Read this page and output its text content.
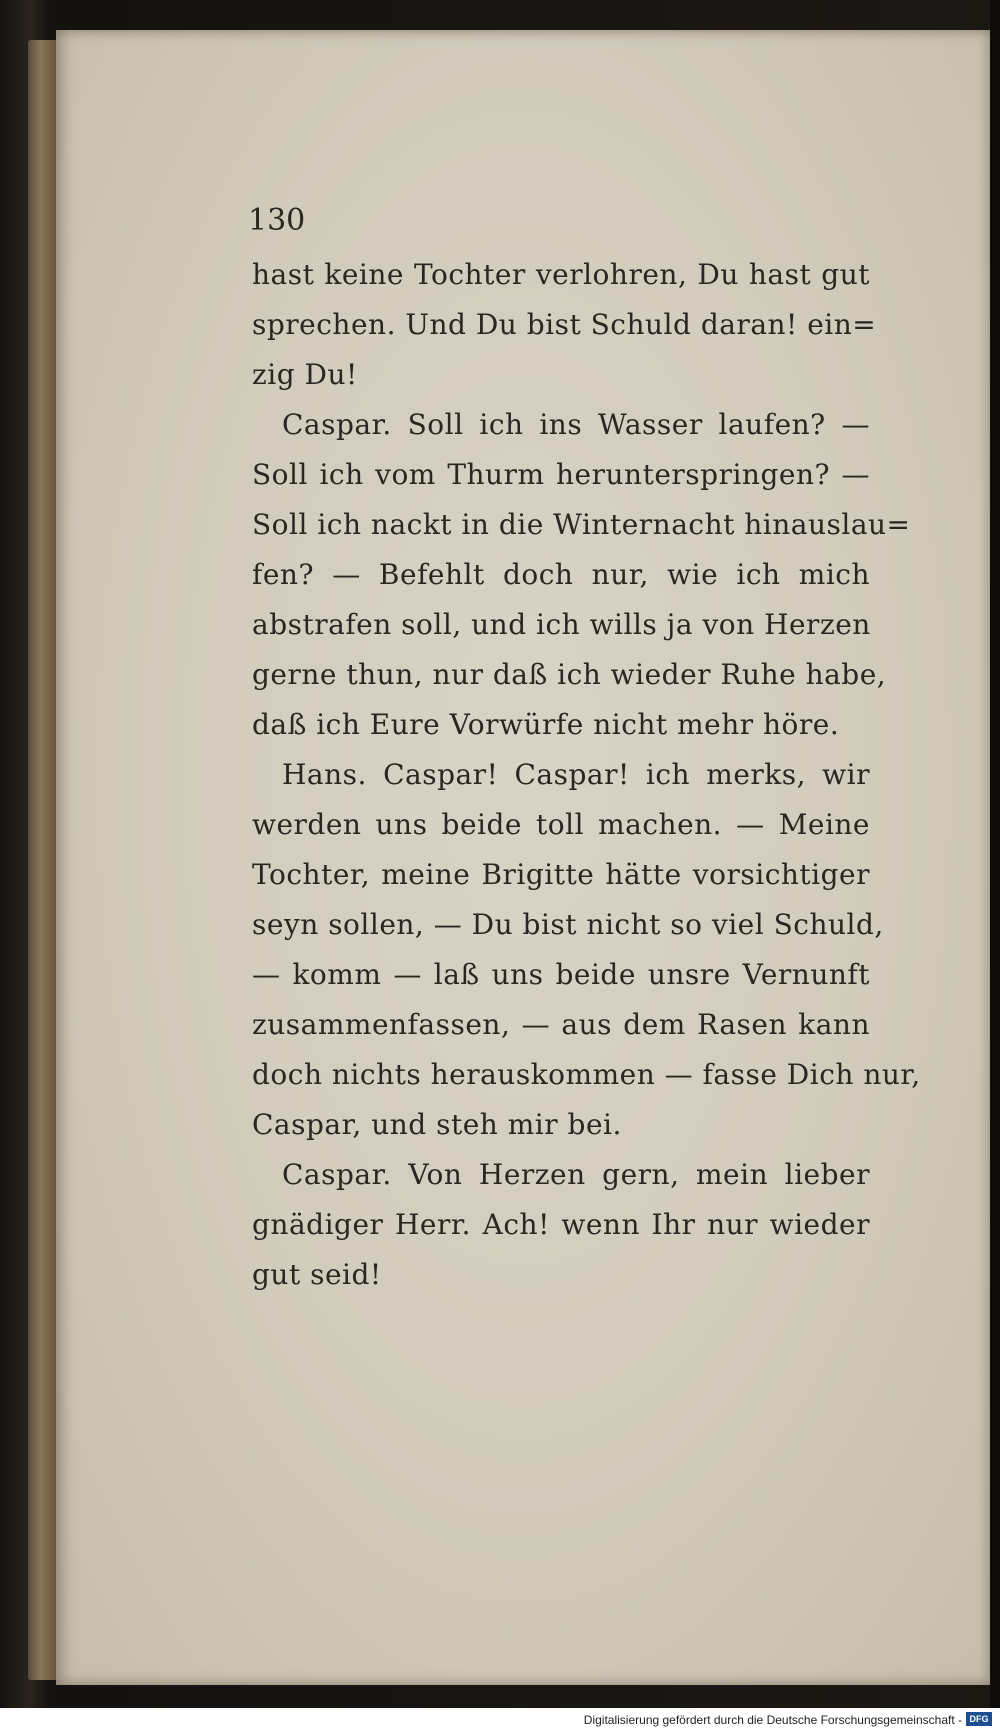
130
hast keine Tochter verlohren, Du hast gut
sprechen. Und Du bist Schuld daran! ein=
zig Du!
Caspar. Soll ich ins Wasser laufen? —
Soll ich vom Thurm herunterspringen? —
Soll ich nackt in die Winternacht hinauslau=
fen? — Befehlt doch nur, wie ich mich
abstrafen soll, und ich wills ja von Herzen
gerne thun, nur daß ich wieder Ruhe habe,
daß ich Eure Vorwürfe nicht mehr höre.
Hans. Caspar! Caspar! ich merks, wir
werden uns beide toll machen. — Meine
Tochter, meine Brigitte hätte vorsichtiger
seyn sollen, — Du bist nicht so viel Schuld,
— komm — laß uns beide unsre Vernunft
zusammenfassen, — aus dem Rasen kann
doch nichts herauskommen — fasse Dich nur,
Caspar, und steh mir bei.
Caspar. Von Herzen gern, mein lieber
gnädiger Herr. Ach! wenn Ihr nur wieder
gut seid!
Digitalisierung gefördert durch die Deutsche Forschungsgemeinschaft - DFG
